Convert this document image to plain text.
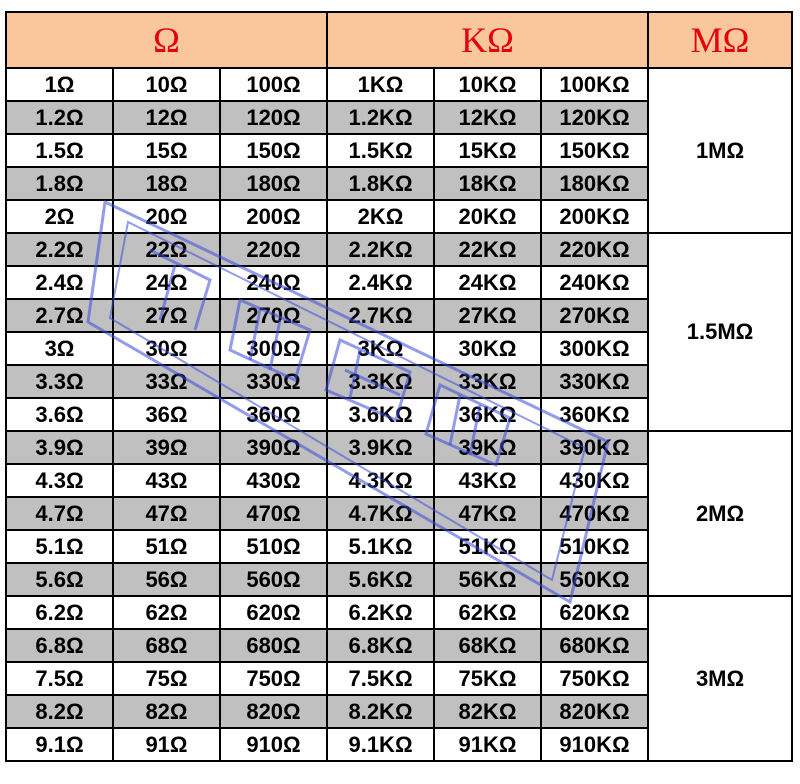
Ω			KΩ			MΩ
1Ω	10Ω	100Ω	1KΩ	10KΩ	100KΩ	1MΩ
1.2Ω	12Ω	120Ω	1.2KΩ	12KΩ	120KΩ	
1.5Ω	15Ω	150Ω	1.5KΩ	15KΩ	150KΩ	
1.8Ω	18Ω	180Ω	1.8KΩ	18KΩ	180KΩ	
2Ω	20Ω	200Ω	2KΩ	20KΩ	200KΩ	
2.2Ω	22Ω	220Ω	2.2KΩ	22KΩ	220KΩ	1.5MΩ
2.4Ω	24Ω	240Ω	2.4KΩ	24KΩ	240KΩ	
2.7Ω	27Ω	270Ω	2.7KΩ	27KΩ	270KΩ	
3Ω	30Ω	300Ω	3KΩ	30KΩ	300KΩ	
3.3Ω	33Ω	330Ω	3.3KΩ	33KΩ	330KΩ	
3.6Ω	36Ω	360Ω	3.6KΩ	36KΩ	360KΩ	
3.9Ω	39Ω	390Ω	3.9KΩ	39KΩ	390KΩ	2MΩ
4.3Ω	43Ω	430Ω	4.3KΩ	43KΩ	430KΩ	
4.7Ω	47Ω	470Ω	4.7KΩ	47KΩ	470KΩ	
5.1Ω	51Ω	510Ω	5.1KΩ	51KΩ	510KΩ	
5.6Ω	56Ω	560Ω	5.6KΩ	56KΩ	560KΩ	
6.2Ω	62Ω	620Ω	6.2KΩ	62KΩ	620KΩ	3MΩ
6.8Ω	68Ω	680Ω	6.8KΩ	68KΩ	680KΩ	
7.5Ω	75Ω	750Ω	7.5KΩ	75KΩ	750KΩ	
8.2Ω	82Ω	820Ω	8.2KΩ	82KΩ	820KΩ	
9.1Ω	91Ω	910Ω	9.1KΩ	91KΩ	910KΩ	
